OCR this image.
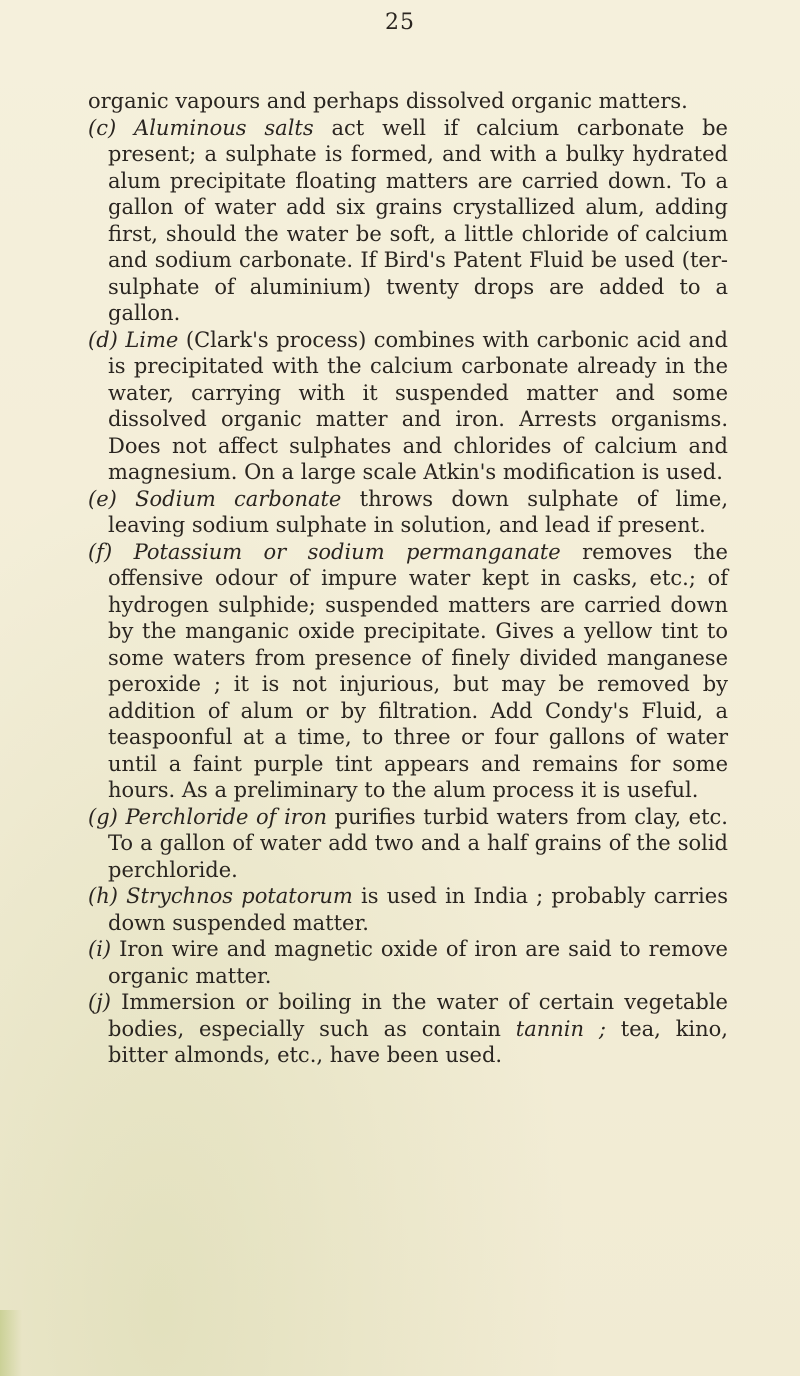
25

organic vapours and perhaps dissolved organic matters.

(c) Aluminous salts act well if calcium carbonate be present; a sulphate is formed, and with a bulky hydrated alum precipitate floating matters are carried down. To a gallon of water add six grains crystallized alum, adding first, should the water be soft, a little chloride of calcium and sodium carbonate. If Bird's Patent Fluid be used (ter-sulphate of aluminium) twenty drops are added to a gallon.

(d) Lime (Clark's process) combines with carbonic acid and is precipitated with the calcium carbonate already in the water, carrying with it suspended matter and some dissolved organic matter and iron. Arrests organisms. Does not affect sulphates and chlorides of calcium and magnesium. On a large scale Atkin's modification is used.

(e) Sodium carbonate throws down sulphate of lime, leaving sodium sulphate in solution, and lead if present.

(f) Potassium or sodium permanganate removes the offensive odour of impure water kept in casks, etc.; of hydrogen sulphide; suspended matters are carried down by the manganic oxide precipitate. Gives a yellow tint to some waters from presence of finely divided manganese peroxide ; it is not injurious, but may be removed by addition of alum or by filtration. Add Condy's Fluid, a teaspoonful at a time, to three or four gallons of water until a faint purple tint appears and remains for some hours. As a preliminary to the alum process it is useful.

(g) Perchloride of iron purifies turbid waters from clay, etc. To a gallon of water add two and a half grains of the solid perchloride.

(h) Strychnos potatorum is used in India ; probably carries down suspended matter.

(i) Iron wire and magnetic oxide of iron are said to remove organic matter.

(j) Immersion or boiling in the water of certain vegetable bodies, especially such as contain tannin ; tea, kino, bitter almonds, etc., have been used.
